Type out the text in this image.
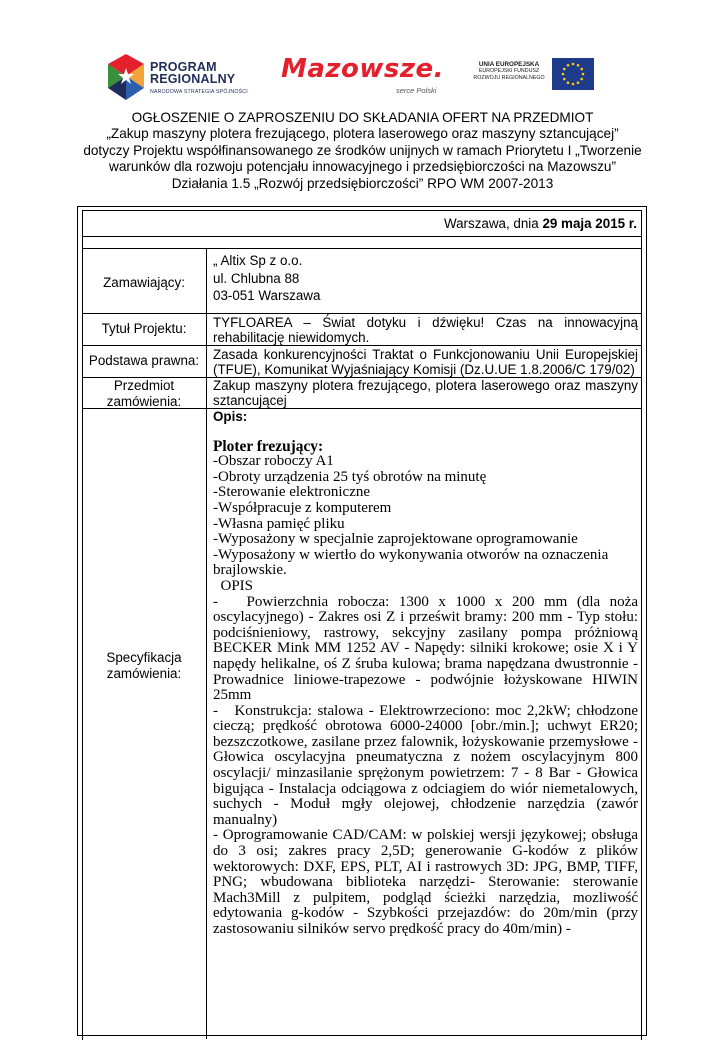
PROGRAM
REGIONALNY
NARODOWA STRATEGIA SPÓJNOŚCI
Mazowsze.
serce Polski
UNIA EUROPEJSKA
EUROPEJSKI FUNDUSZ
ROZWOJU REGIONALNEGO
OGŁOSZENIE O ZAPROSZENIU DO SKŁADANIA OFERT NA PRZEDMIOT
„Zakup maszyny plotera frezującego, plotera laserowego oraz maszyny sztancującej”
dotyczy Projektu współfinansowanego ze środków unijnych w ramach Priorytetu I „Tworzenie
warunków dla rozwoju potencjału innowacyjnego i przedsiębiorczości na Mazowszu”
Działania 1.5 „Rozwój przedsiębiorczości” RPO WM 2007-2013
Warszawa, dnia 29 maja 2015 r.
Zamawiający:
„ Altix Sp z o.o.
ul. Chlubna 88
03-051 Warszawa
Tytuł Projektu:	TYFLOAREA – Świat dotyku i dźwięku! Czas na innowacyjną rehabilitację niewidomych.
Podstawa prawna:	Zasada konkurencyjności Traktat o Funkcjonowaniu Unii Europejskiej (TFUE), Komunikat Wyjaśniający Komisji (Dz.U.UE 1.8.2006/C 179/02)
Przedmiot
zamówienia:
Zakup maszyny plotera frezującego, plotera laserowego oraz maszyny sztancującej
Specyfikacja
zamówienia:
Opis:
Ploter frezujący:
-Obszar roboczy A1
-Obroty urządzenia 25 tyś obrotów na minutę
-Sterowanie elektroniczne
-Współpracuje z komputerem
-Własna pamięć pliku
-Wyposażony w specjalnie zaprojektowane oprogramowanie
-Wyposażony w wiertło do wykonywania otworów na oznaczenia brajlowskie.
OPIS
-   Powierzchnia robocza: 1300 x 1000 x 200 mm (dla noża oscylacyjnego) - Zakres osi Z i prześwit bramy: 200 mm - Typ stołu: podciśnieniowy, rastrowy, sekcyjny zasilany pompa próżniową BECKER Mink MM 1252 AV - Napędy: silniki krokowe; osie X i Y napędy helikalne, oś Z śruba kulowa; brama napędzana dwustronnie - Prowadnice liniowe-trapezowe - podwójnie łożyskowane HIWIN 25mm
-   Konstrukcja: stalowa - Elektrowrzeciono: moc 2,2kW; chłodzone cieczą; prędkość obrotowa 6000-24000 [obr./min.]; uchwyt ER20; bezszczotkowe, zasilane przez falownik, łożyskowanie przemysłowe - Głowica oscylacyjna pneumatyczna z nożem oscylacyjnym 800 oscylacji/ minzasilanie sprężonym powietrzem: 7 - 8 Bar - Głowica bigująca - Instalacja odciągowa z odciagiem do wiór niemetalowych, suchych - Moduł mgły olejowej, chłodzenie narzędzia (zawór manualny)
- Oprogramowanie CAD/CAM: w polskiej wersji językowej; obsługa do 3 osi; zakres pracy 2,5D; generowanie G-kodów z plików wektorowych: DXF, EPS, PLT, AI i rastrowych 3D: JPG, BMP, TIFF, PNG; wbudowana biblioteka narzędzi- Sterowanie: sterowanie Mach3Mill z pulpitem, podgląd ścieżki narzędzia, mozliwość edytowania g-kodów - Szybkości przejazdów: do 20m/min (przy zastosowaniu silników servo prędkość pracy do 40m/min) -
